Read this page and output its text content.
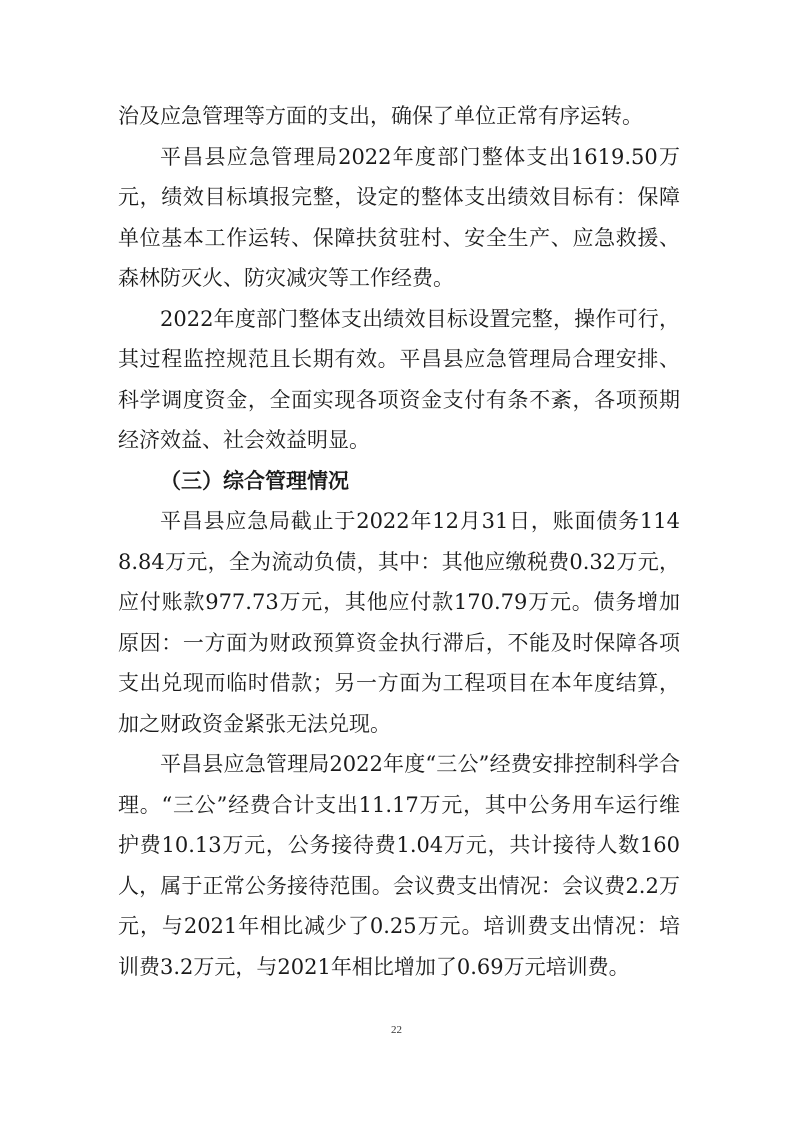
治及应急管理等方面的支出，确保了单位正常有序运转。

平昌县应急管理局2022年度部门整体支出1619.50万元，绩效目标填报完整，设定的整体支出绩效目标有：保障单位基本工作运转、保障扶贫驻村、安全生产、应急救援、森林防灭火、防灾减灾等工作经费。

2022年度部门整体支出绩效目标设置完整，操作可行，其过程监控规范且长期有效。平昌县应急管理局合理安排、科学调度资金，全面实现各项资金支付有条不紊，各项预期经济效益、社会效益明显。

（三）综合管理情况

平昌县应急局截止于2022年12月31日，账面债务1148.84万元，全为流动负债，其中：其他应缴税费0.32万元，应付账款977.73万元，其他应付款170.79万元。债务增加原因：一方面为财政预算资金执行滞后，不能及时保障各项支出兑现而临时借款；另一方面为工程项目在本年度结算，加之财政资金紧张无法兑现。

平昌县应急管理局2022年度“三公”经费安排控制科学合理。“三公”经费合计支出11.17万元，其中公务用车运行维护费10.13万元，公务接待费1.04万元，共计接待人数160人，属于正常公务接待范围。会议费支出情况：会议费2.2万元，与2021年相比减少了0.25万元。培训费支出情况：培训费3.2万元，与2021年相比增加了0.69万元培训费。

22
